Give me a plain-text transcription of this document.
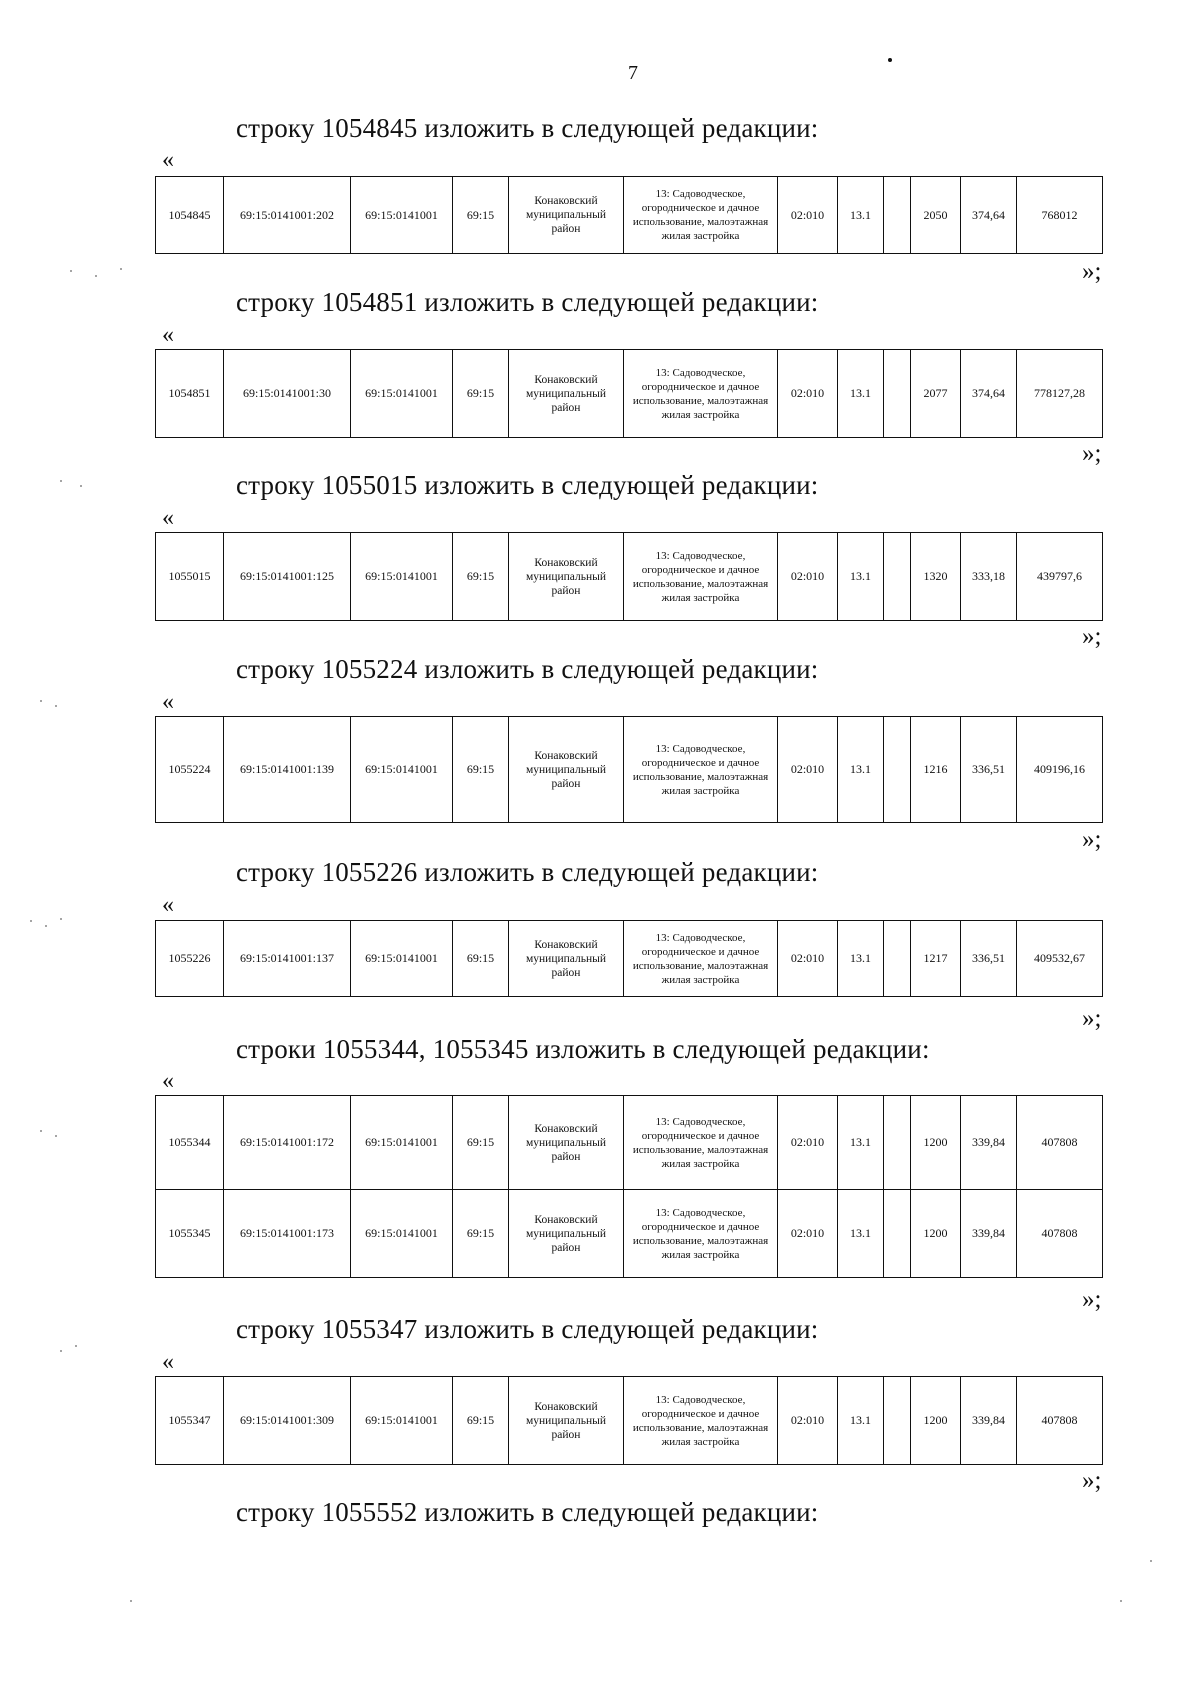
7
строку 1054845 изложить в следующей редакции:
«
1054845	69:15:0141001:202	69:15:0141001	69:15	Конаковский муниципальный район	13: Садоводческое, огородническое и дачное использование, малоэтажная жилая застройка	02:010	13.1		2050	374,64	768012
»;
строку 1054851 изложить в следующей редакции:
«
1054851	69:15:0141001:30	69:15:0141001	69:15	Конаковский муниципальный район	13: Садоводческое, огородническое и дачное использование, малоэтажная жилая застройка	02:010	13.1		2077	374,64	778127,28
»;
строку 1055015 изложить в следующей редакции:
«
1055015	69:15:0141001:125	69:15:0141001	69:15	Конаковский муниципальный район	13: Садоводческое, огородническое и дачное использование, малоэтажная жилая застройка	02:010	13.1		1320	333,18	439797,6
»;
строку 1055224 изложить в следующей редакции:
«
1055224	69:15:0141001:139	69:15:0141001	69:15	Конаковский муниципальный район	13: Садоводческое, огородническое и дачное использование, малоэтажная жилая застройка	02:010	13.1		1216	336,51	409196,16
»;
строку 1055226 изложить в следующей редакции:
«
1055226	69:15:0141001:137	69:15:0141001	69:15	Конаковский муниципальный район	13: Садоводческое, огородническое и дачное использование, малоэтажная жилая застройка	02:010	13.1		1217	336,51	409532,67
»;
строки 1055344, 1055345 изложить в следующей редакции:
«
1055344	69:15:0141001:172	69:15:0141001	69:15	Конаковский муниципальный район	13: Садоводческое, огородническое и дачное использование, малоэтажная жилая застройка	02:010	13.1		1200	339,84	407808
1055345	69:15:0141001:173	69:15:0141001	69:15	Конаковский муниципальный район	13: Садоводческое, огородническое и дачное использование, малоэтажная жилая застройка	02:010	13.1		1200	339,84	407808
»;
строку 1055347 изложить в следующей редакции:
«
1055347	69:15:0141001:309	69:15:0141001	69:15	Конаковский муниципальный район	13: Садоводческое, огородническое и дачное использование, малоэтажная жилая застройка	02:010	13.1		1200	339,84	407808
»;
строку 1055552 изложить в следующей редакции:
